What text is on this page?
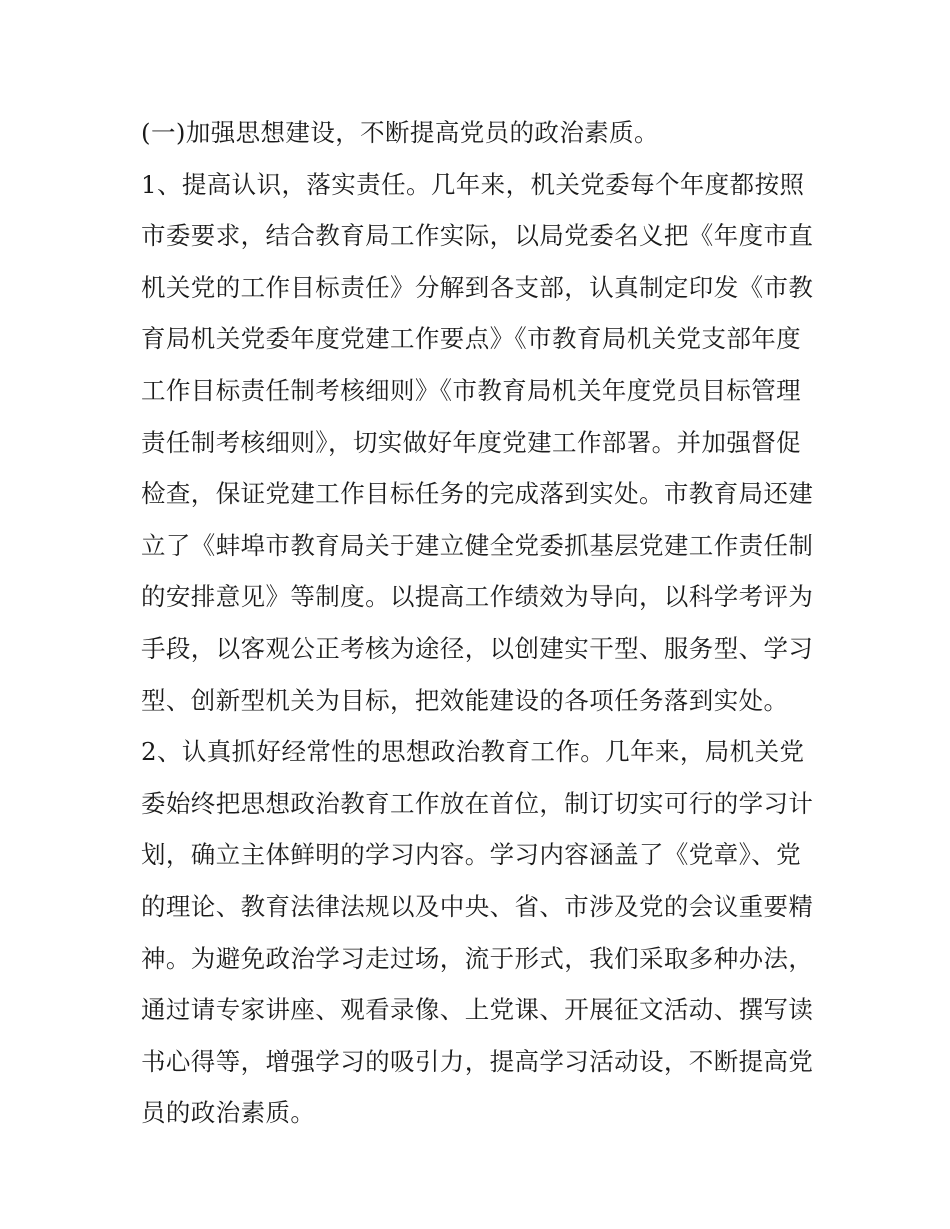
(一)加强思想建设，不断提高党员的政治素质。
1、提高认识，落实责任。几年来，机关党委每个年度都按照
市委要求，结合教育局工作实际，以局党委名义把《年度市直
机关党的工作目标责任》分解到各支部，认真制定印发《市教
育局机关党委年度党建工作要点》《市教育局机关党支部年度
工作目标责任制考核细则》《市教育局机关年度党员目标管理
责任制考核细则》，切实做好年度党建工作部署。并加强督促
检查，保证党建工作目标任务的完成落到实处。市教育局还建
立了《蚌埠市教育局关于建立健全党委抓基层党建工作责任制
的安排意见》等制度。以提高工作绩效为导向，以科学考评为
手段，以客观公正考核为途径，以创建实干型、服务型、学习
型、创新型机关为目标，把效能建设的各项任务落到实处。
2、认真抓好经常性的思想政治教育工作。几年来，局机关党
委始终把思想政治教育工作放在首位，制订切实可行的学习计
划，确立主体鲜明的学习内容。学习内容涵盖了《党章》、党
的理论、教育法律法规以及中央、省、市涉及党的会议重要精
神。为避免政治学习走过场，流于形式，我们采取多种办法，
通过请专家讲座、观看录像、上党课、开展征文活动、撰写读
书心得等，增强学习的吸引力，提高学习活动设，不断提高党
员的政治素质。
